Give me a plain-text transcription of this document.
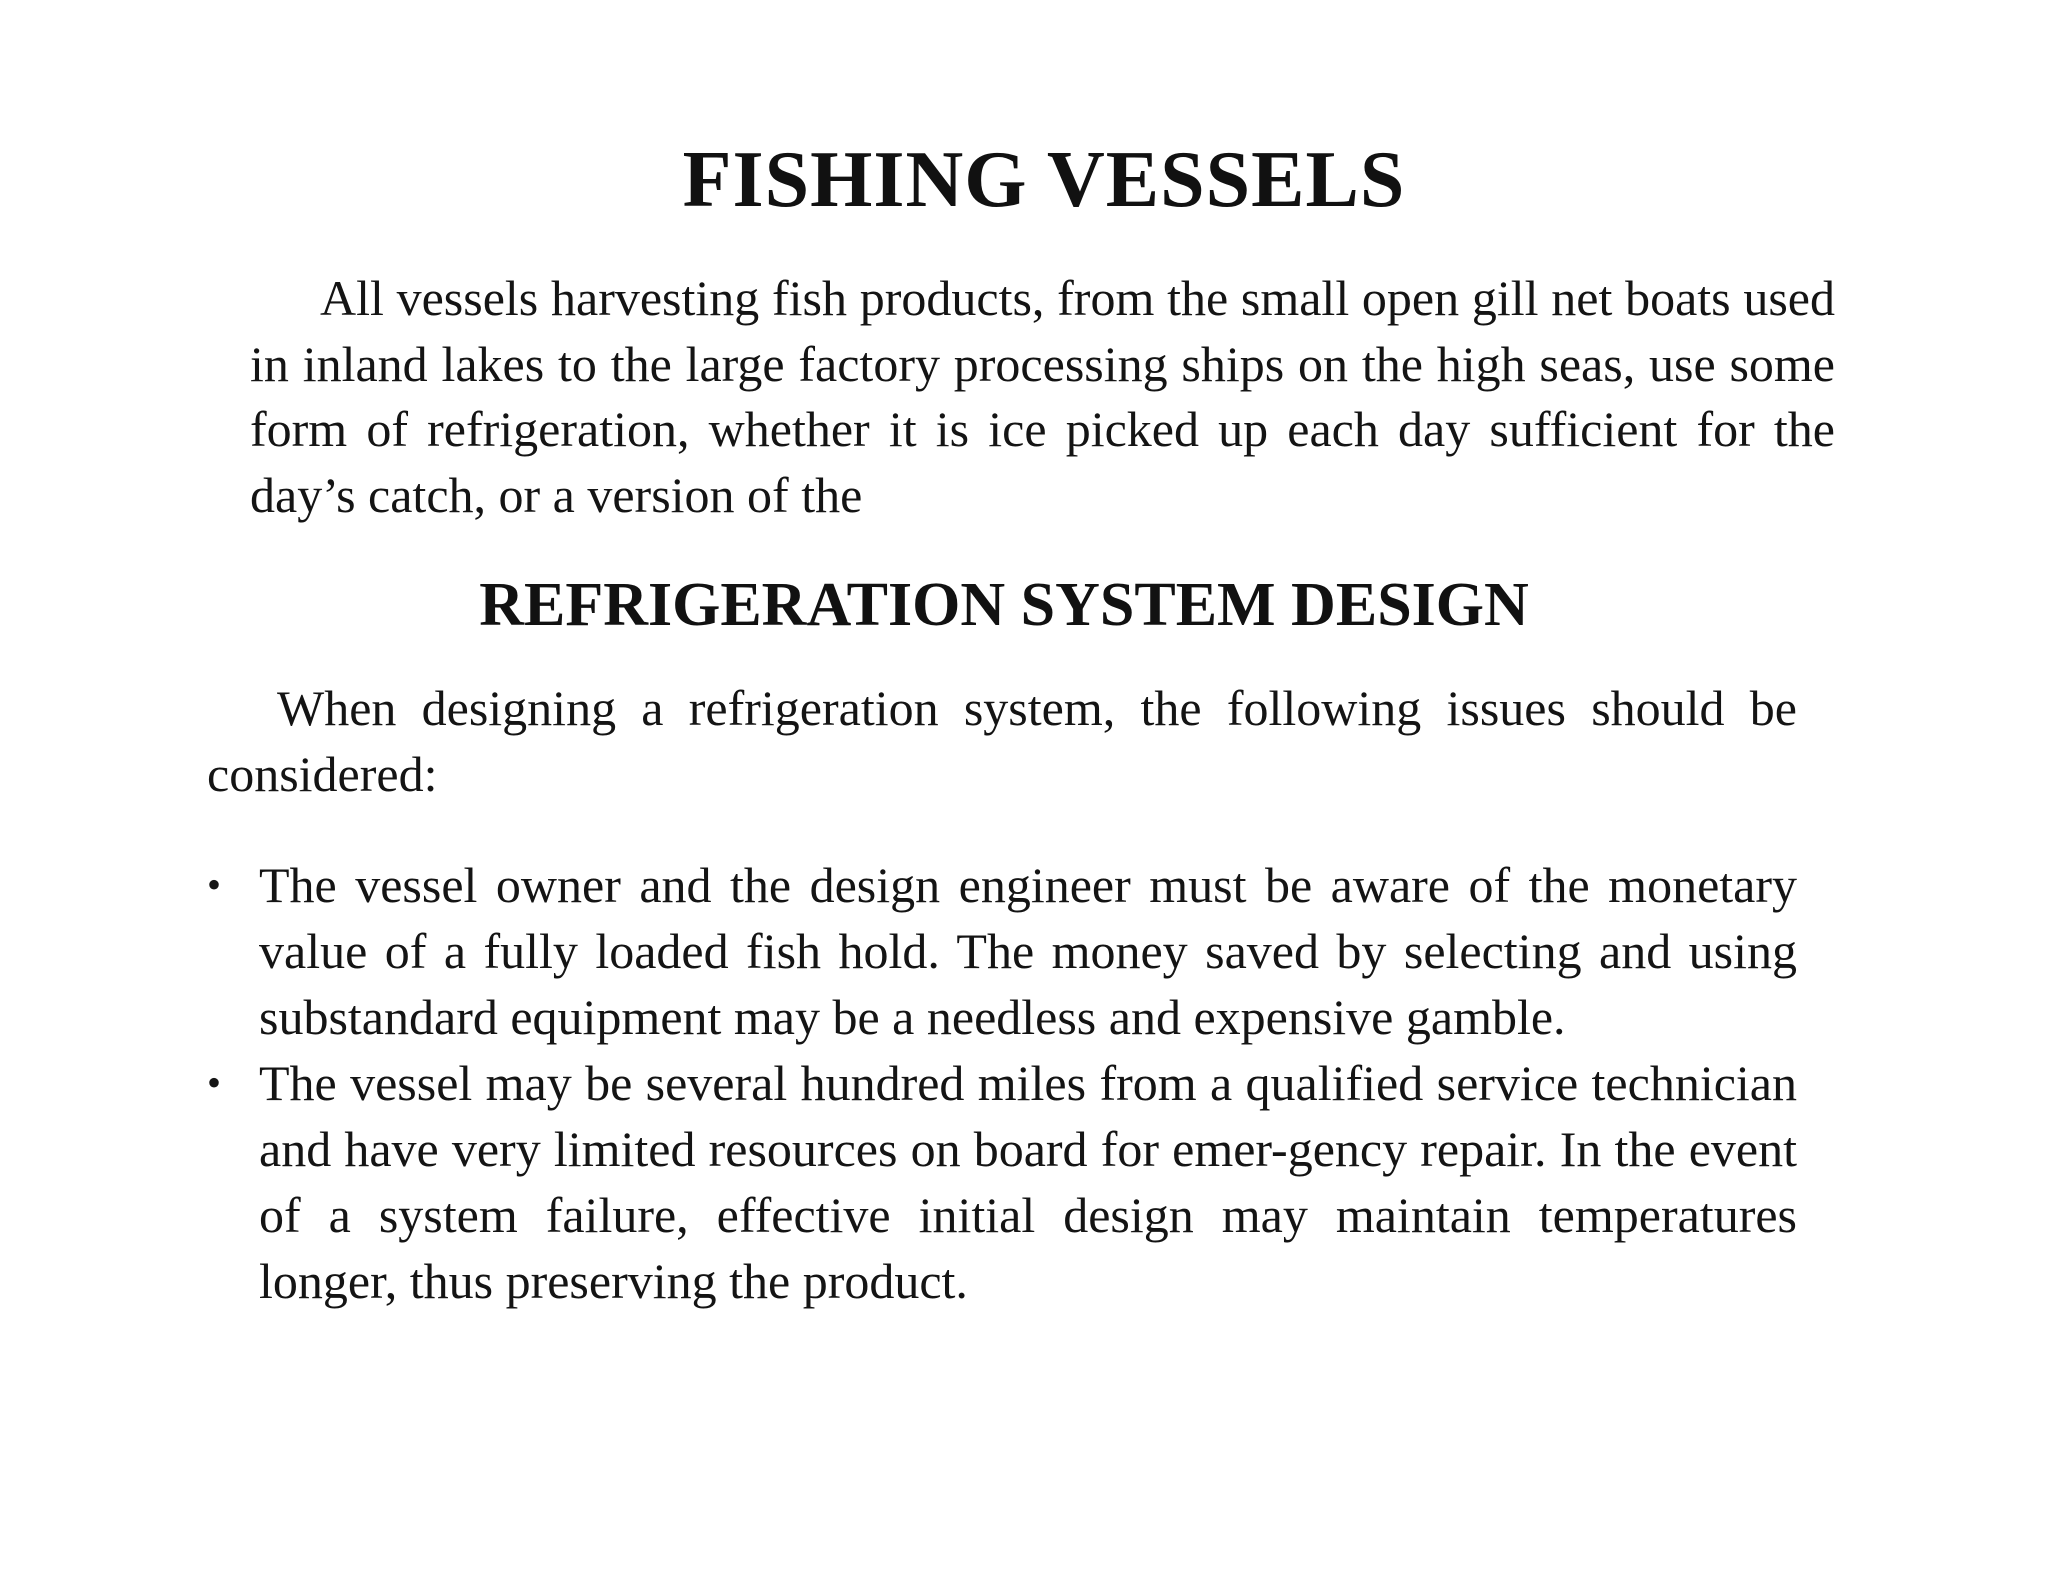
FISHING VESSELS

All vessels harvesting fish products, from the small open gill net boats used in inland lakes to the large factory processing ships on the high seas, use some form of refrigeration, whether it is ice picked up each day sufficient for the day’s catch, or a version of the

REFRIGERATION SYSTEM DESIGN

When designing a refrigeration system, the following issues should be considered:

• The vessel owner and the design engineer must be aware of the monetary value of a fully loaded fish hold. The money saved by selecting and using substandard equipment may be a needless and expensive gamble.
• The vessel may be several hundred miles from a qualified service technician and have very limited resources on board for emer-gency repair. In the event of a system failure, effective initial design may maintain temperatures longer, thus preserving the product.
